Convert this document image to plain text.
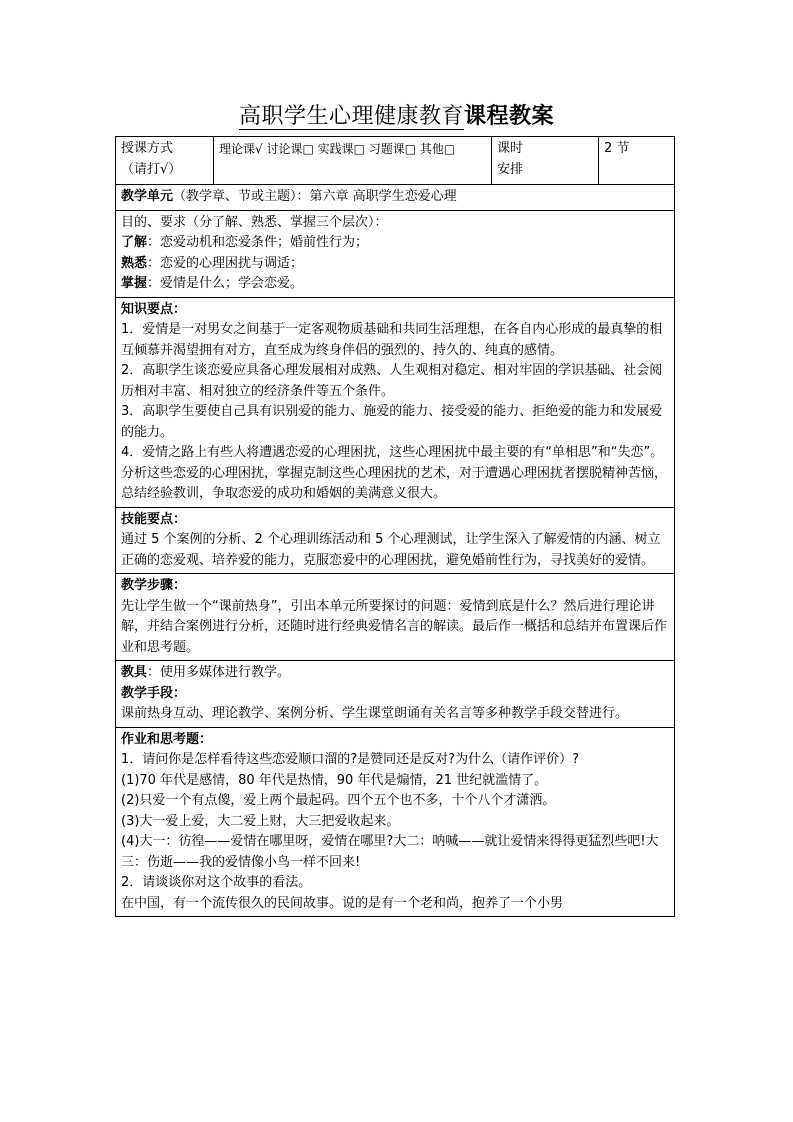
高职学生心理健康教育课程教案
授课方式
（请打√）
	理论课√ 讨论课□ 实践课□ 习题课□ 其他□	课时
安排
	2 节
教学单元（教学章、节或主题）：第六章 高职学生恋爱心理

目的、要求（分了解、熟悉、掌握三个层次）：
了解：恋爱动机和恋爱条件；婚前性行为；
熟悉：恋爱的心理困扰与调适；
掌握：爱情是什么；学会恋爱。

知识要点：
1．爱情是一对男女之间基于一定客观物质基础和共同生活理想，在各自内心形成的最真挚的相互倾慕并渴望拥有对方，直至成为终身伴侣的强烈的、持久的、纯真的感情。
2．高职学生谈恋爱应具备心理发展相对成熟、人生观相对稳定、相对牢固的学识基础、社会阅历相对丰富、相对独立的经济条件等五个条件。
3．高职学生要使自己具有识别爱的能力、施爱的能力、接受爱的能力、拒绝爱的能力和发展爱的能力。
4．爱情之路上有些人将遭遇恋爱的心理困扰，这些心理困扰中最主要的有“单相思”和“失恋”。分析这些恋爱的心理困扰，掌握克制这些心理困扰的艺术，对于遭遇心理困扰者摆脱精神苦恼，总结经验教训，争取恋爱的成功和婚姻的美满意义很大。

技能要点：
通过 5 个案例的分析、2 个心理训练活动和 5 个心理测试，让学生深入了解爱情的内涵、树立正确的恋爱观、培养爱的能力，克服恋爱中的心理困扰，避免婚前性行为，寻找美好的爱情。

教学步骤：
先让学生做一个“课前热身”，引出本单元所要探讨的问题：爱情到底是什么？然后进行理论讲解，并结合案例进行分析，还随时进行经典爱情名言的解读。最后作一概括和总结并布置课后作业和思考题。

教具：使用多媒体进行教学。
教学手段：
课前热身互动、理论教学、案例分析、学生课堂朗诵有关名言等多种教学手段交替进行。

作业和思考题：
1．请问你是怎样看待这些恋爱顺口溜的?是赞同还是反对?为什么（请作评价）?
(1)70 年代是感情，80 年代是热情，90 年代是煽情，21 世纪就滥情了。
(2)只爱一个有点傻，爱上两个最起码。四个五个也不多，十个八个才潇洒。
(3)大一爱上爱，大二爱上财，大三把爱收起来。
(4)大一：彷徨——爱情在哪里呀，爱情在哪里?大二：呐喊——就让爱情来得得更猛烈些吧!大三：伤逝——我的爱情像小鸟一样不回来!
2．请谈谈你对这个故事的看法。
在中国，有一个流传很久的民间故事。说的是有一个老和尚，抱养了一个小男
